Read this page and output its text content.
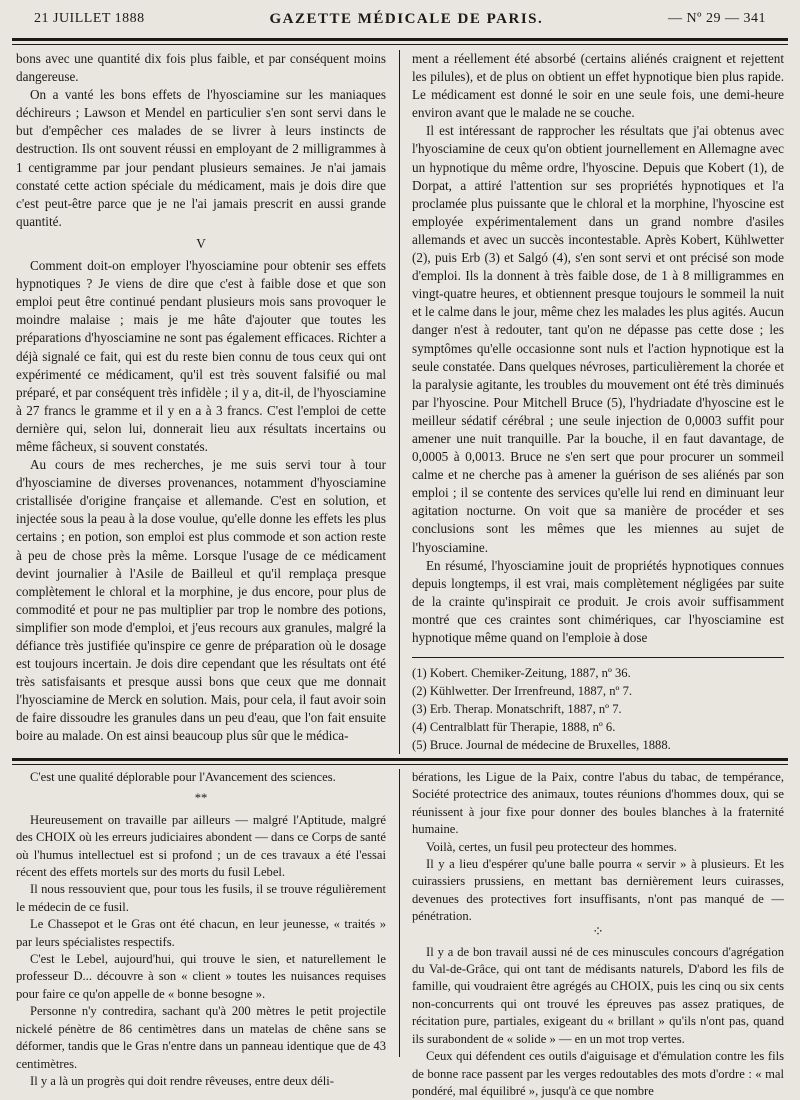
21 JUILLET 1888	GAZETTE MÉDICALE DE PARIS.	— Nº 29 — 341

bons avec une quantité dix fois plus faible, et par conséquent moins dangereuse.

On a vanté les bons effets de l'hyosciamine sur les maniaques déchireurs ; Lawson et Mendel en particulier s'en sont servi dans le but d'empêcher ces malades de se livrer à leurs instincts de destruction. Ils ont souvent réussi en employant de 2 milligrammes à 1 centigramme par jour pendant plusieurs semaines. Je n'ai jamais constaté cette action spéciale du médicament, mais je dois dire que c'est peut-être parce que je ne l'ai jamais prescrit en aussi grande quantité.

V

Comment doit-on employer l'hyosciamine pour obtenir ses effets hypnotiques ? Je viens de dire que c'est à faible dose et que son emploi peut être continué pendant plusieurs mois sans provoquer le moindre malaise ; mais je me hâte d'ajouter que toutes les préparations d'hyosciamine ne sont pas également efficaces. Richter a déjà signalé ce fait, qui est du reste bien connu de tous ceux qui ont expérimenté ce médicament, qu'il est très souvent falsifié ou mal préparé, et par conséquent très infidèle ; il y a, dit-il, de l'hyosciamine à 27 francs le gramme et il y en a à 3 francs. C'est l'emploi de cette dernière qui, selon lui, donnerait lieu aux résultats incertains ou même fâcheux, si souvent constatés.

Au cours de mes recherches, je me suis servi tour à tour d'hyosciamine de diverses provenances, notamment d'hyosciamine cristallisée d'origine française et allemande. C'est en solution, et injectée sous la peau à la dose voulue, qu'elle donne les effets les plus certains ; en potion, son emploi est plus commode et son action reste à peu de chose près la même. Lorsque l'usage de ce médicament devint journalier à l'Asile de Bailleul et qu'il remplaça presque complètement le chloral et la morphine, je dus encore, pour plus de commodité et pour ne pas multiplier par trop le nombre des potions, simplifier son mode d'emploi, et j'eus recours aux granules, malgré la défiance très justifiée qu'inspire ce genre de préparation où le dosage est toujours incertain. Je dois dire cependant que les résultats ont été très satisfaisants et presque aussi bons que ceux que me donnait l'hyosciamine de Merck en solution. Mais, pour cela, il faut avoir soin de faire dissoudre les granules dans un peu d'eau, que l'on fait ensuite boire au malade. On est ainsi beaucoup plus sûr que le médica-

ment a réellement été absorbé (certains aliénés craignent et rejettent les pilules), et de plus on obtient un effet hypnotique bien plus rapide. Le médicament est donné le soir en une seule fois, une demi-heure environ avant que le malade ne se couche.

Il est intéressant de rapprocher les résultats que j'ai obtenus avec l'hyosciamine de ceux qu'on obtient journellement en Allemagne avec un hypnotique du même ordre, l'hyoscine. Depuis que Kobert (1), de Dorpat, a attiré l'attention sur ses propriétés hypnotiques et l'a proclamée plus puissante que le chloral et la morphine, l'hyoscine est employée expérimentalement dans un grand nombre d'asiles allemands et avec un succès incontestable. Après Kobert, Kühlwetter (2), puis Erb (3) et Salgó (4), s'en sont servi et ont précisé son mode d'emploi. Ils la donnent à très faible dose, de 1 à 8 milligrammes en vingt-quatre heures, et obtiennent presque toujours le sommeil la nuit et le calme dans le jour, même chez les malades les plus agités. Aucun danger n'est à redouter, tant qu'on ne dépasse pas cette dose ; les symptômes qu'elle occasionne sont nuls et l'action hypnotique est la seule constatée. Dans quelques névroses, particulièrement la chorée et la paralysie agitante, les troubles du mouvement ont été très diminués par l'hyoscine. Pour Mitchell Bruce (5), l'hydriadate d'hyoscine est le meilleur sédatif cérébral ; une seule injection de 0,0003 suffit pour amener une nuit tranquille. Par la bouche, il en faut davantage, de 0,0005 à 0,0013. Bruce ne s'en sert que pour procurer un sommeil calme et ne cherche pas à amener la guérison de ses aliénés par son emploi ; il se contente des services qu'elle lui rend en diminuant leur agitation nocturne. On voit que sa manière de procéder et ses conclusions sont les mêmes que les miennes au sujet de l'hyosciamine.

En résumé, l'hyosciamine jouit de propriétés hypnotiques connues depuis longtemps, il est vrai, mais complètement négligées par suite de la crainte qu'inspirait ce produit. Je crois avoir suffisamment montré que ces craintes sont chimériques, car l'hyosciamine est hypnotique même quand on l'emploie à dose

(1) Kobert. Chemiker-Zeitung, 1887, nº 36.
(2) Kühlwetter. Der Irrenfreund, 1887, nº 7.
(3) Erb. Therap. Monatschrift, 1887, nº 7.
(4) Centralblatt für Therapie, 1888, nº 6.
(5) Bruce. Journal de médecine de Bruxelles, 1888.

C'est une qualité déplorable pour l'Avancement des sciences.

**

Heureusement on travaille par ailleurs — malgré l'Aptitude, malgré des CHOIX où les erreurs judiciaires abondent — dans ce Corps de santé où l'humus intellectuel est si profond ; un de ces travaux a été l'essai récent des effets mortels sur des morts du fusil Lebel.

Il nous ressouvient que, pour tous les fusils, il se trouve régulièrement le médecin de ce fusil.

Le Chassepot et le Gras ont été chacun, en leur jeunesse, « traités » par leurs spécialistes respectifs.

C'est le Lebel, aujourd'hui, qui trouve le sien, et naturellement le professeur D... découvre à son « client » toutes les nuisances requises pour faire ce qu'on appelle de « bonne besogne ».

Personne n'y contredira, sachant qu'à 200 mètres le petit projectile nickelé pénètre de 86 centimètres dans un matelas de chêne sans se déformer, tandis que le Gras n'entre dans un panneau identique que de 43 centimètres.

Il y a là un progrès qui doit rendre rêveuses, entre deux déli-

bérations, les Ligue de la Paix, contre l'abus du tabac, de tempérance, Société protectrice des animaux, toutes réunions d'hommes doux, qui se réunissent à jour fixe pour donner des boules blanches à la fraternité humaine.

Voilà, certes, un fusil peu protecteur des hommes.

Il y a lieu d'espérer qu'une balle pourra « servir » à plusieurs. Et les cuirassiers prussiens, en mettant bas dernièrement leurs cuirasses, devenues des protectives fort insuffisants, n'ont pas manqué de — pénétration.

⁘

Il y a de bon travail aussi né de ces minuscules concours d'agrégation du Val-de-Grâce, qui ont tant de médisants naturels, D'abord les fils de famille, qui voudraient être agrégés au CHOIX, puis les cinq ou six cents non-concurrents qui ont trouvé les épreuves pas assez pratiques, de récitation pure, partiales, exigeant du « brillant » qu'ils n'ont pas, quand ils surabondent de « solide » — en un mot trop vertes.

Ceux qui défendent ces outils d'aiguisage et d'émulation contre les fils de bonne race passent par les verges redoutables des mots d'ordre : « mal pondéré, mal équilibré », jusqu'à ce que nombre
